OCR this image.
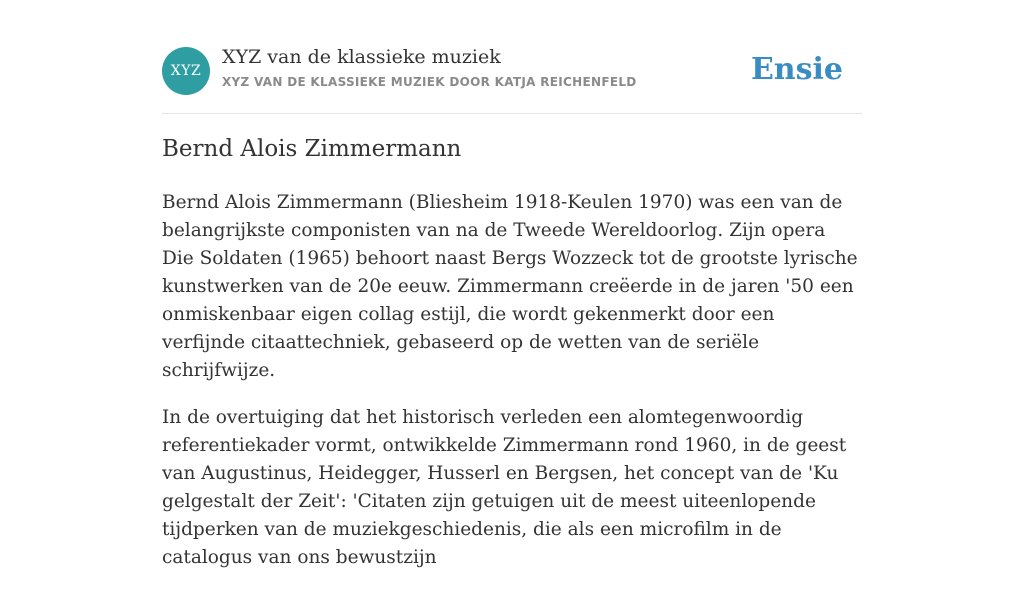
XYZ
XYZ van de klassieke muziek
XYZ VAN DE KLASSIEKE MUZIEK DOOR KATJA REICHENFELD	Ensie
Bernd Alois Zimmermann

Bernd Alois Zimmermann (Bliesheim 1918-Keulen 1970) was een van de belangrijkste componisten van na de Tweede Wereldoorlog. Zijn opera Die Soldaten (1965) behoort naast Bergs Wozzeck tot de grootste lyrische kunstwerken van de 20e eeuw. Zimmermann creëerde in de jaren '50 een onmiskenbaar eigen collag estijl, die wordt gekenmerkt door een verfijnde citaattechniek, gebaseerd op de wetten van de seriële schrijfwijze.

In de overtuiging dat het historisch verleden een alomtegenwoordig referentiekader vormt, ontwikkelde Zimmermann rond 1960, in de geest van Augustinus, Heidegger, Husserl en Bergsen, het concept van de 'Ku gelgestalt der Zeit': 'Citaten zijn getuigen uit de meest uiteenlopende tijdperken van de muziekgeschiedenis, die als een microfilm in de catalogus van ons bewustzijn
